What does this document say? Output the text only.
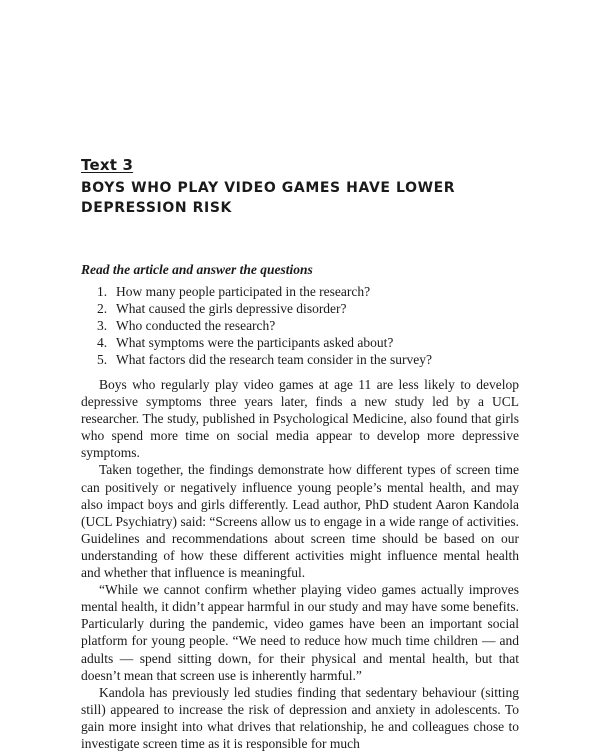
Text 3
BOYS WHO PLAY VIDEO GAMES HAVE LOWER DEPRESSION RISK
Read the article and answer the questions
1. How many people participated in the research?
2. What caused the girls depressive disorder?
3. Who conducted the research?
4. What symptoms were the participants asked about?
5. What factors did the research team consider in the survey?

Boys who regularly play video games at age 11 are less likely to develop depressive symptoms three years later, finds a new study led by a UCL researcher. The study, published in Psychological Medicine, also found that girls who spend more time on social media appear to develop more depressive symptoms.

Taken together, the findings demonstrate how different types of screen time can positively or negatively influence young people’s mental health, and may also impact boys and girls differently. Lead author, PhD student Aaron Kandola (UCL Psychiatry) said: “Screens allow us to engage in a wide range of activities. Guidelines and recommendations about screen time should be based on our understanding of how these different activities might influence mental health and whether that influence is meaningful.

“While we cannot confirm whether playing video games actually improves mental health, it didn’t appear harmful in our study and may have some benefits. Particularly during the pandemic, video games have been an important social platform for young people. “We need to reduce how much time children — and adults — spend sitting down, for their physical and mental health, but that doesn’t mean that screen use is inherently harmful.”

Kandola has previously led studies finding that sedentary behaviour (sitting still) appeared to increase the risk of depression and anxiety in adolescents. To gain more insight into what drives that relationship, he and colleagues chose to investigate screen time as it is responsible for much
